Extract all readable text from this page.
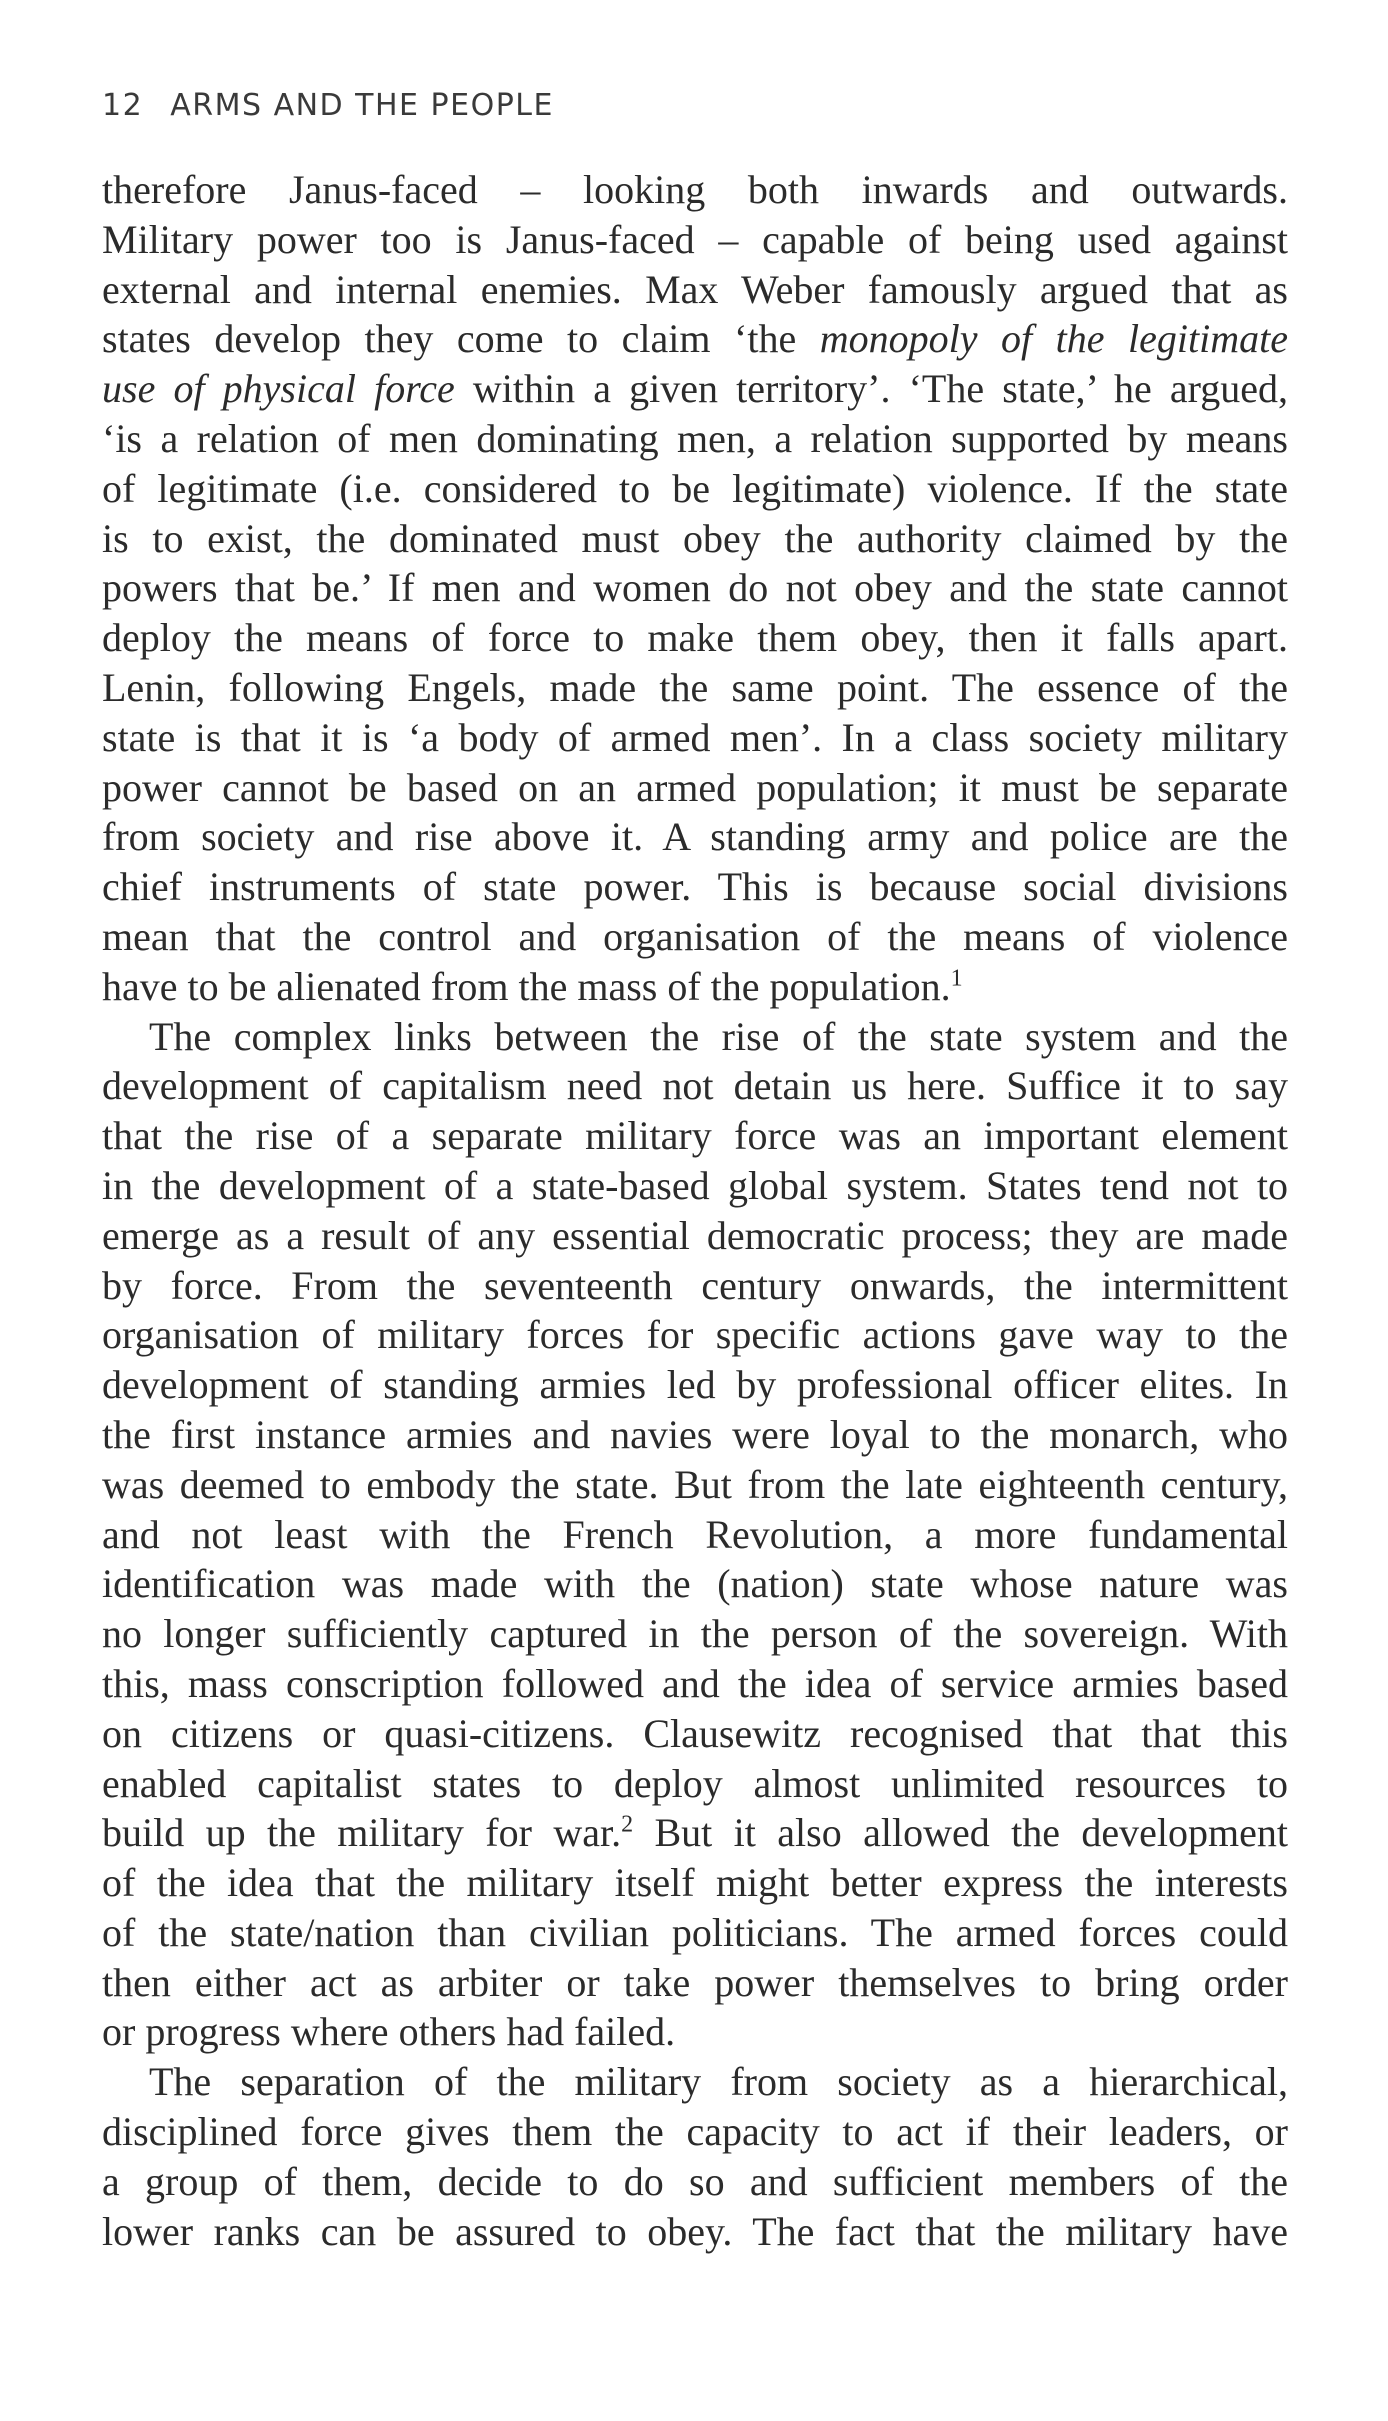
12 ARMS AND THE PEOPLE
therefore Janus-faced – looking both inwards and outwards.
Military power too is Janus-faced – capable of being used against
external and internal enemies. Max Weber famously argued that as
states develop they come to claim ‘the monopoly of the legitimate
use of physical force within a given territory’. ‘The state,’ he argued,
‘is a relation of men dominating men, a relation supported by means
of legitimate (i.e. considered to be legitimate) violence. If the state
is to exist, the dominated must obey the authority claimed by the
powers that be.’ If men and women do not obey and the state cannot
deploy the means of force to make them obey, then it falls apart.
Lenin, following Engels, made the same point. The essence of the
state is that it is ‘a body of armed men’. In a class society military
power cannot be based on an armed population; it must be separate
from society and rise above it. A standing army and police are the
chief instruments of state power. This is because social divisions
mean that the control and organisation of the means of violence
have to be alienated from the mass of the population.$^1$
The complex links between the rise of the state system and the
development of capitalism need not detain us here. Suffice it to say
that the rise of a separate military force was an important element
in the development of a state-based global system. States tend not to
emerge as a result of any essential democratic process; they are made
by force. From the seventeenth century onwards, the intermittent
organisation of military forces for specific actions gave way to the
development of standing armies led by professional officer elites. In
the first instance armies and navies were loyal to the monarch, who
was deemed to embody the state. But from the late eighteenth century,
and not least with the French Revolution, a more fundamental
identification was made with the (nation) state whose nature was
no longer sufficiently captured in the person of the sovereign. With
this, mass conscription followed and the idea of service armies based
on citizens or quasi-citizens. Clausewitz recognised that that this
enabled capitalist states to deploy almost unlimited resources to
build up the military for war.$^2$ But it also allowed the development
of the idea that the military itself might better express the interests
of the state/nation than civilian politicians. The armed forces could
then either act as arbiter or take power themselves to bring order
or progress where others had failed.
The separation of the military from society as a hierarchical,
disciplined force gives them the capacity to act if their leaders, or
a group of them, decide to do so and sufficient members of the
lower ranks can be assured to obey. The fact that the military have
